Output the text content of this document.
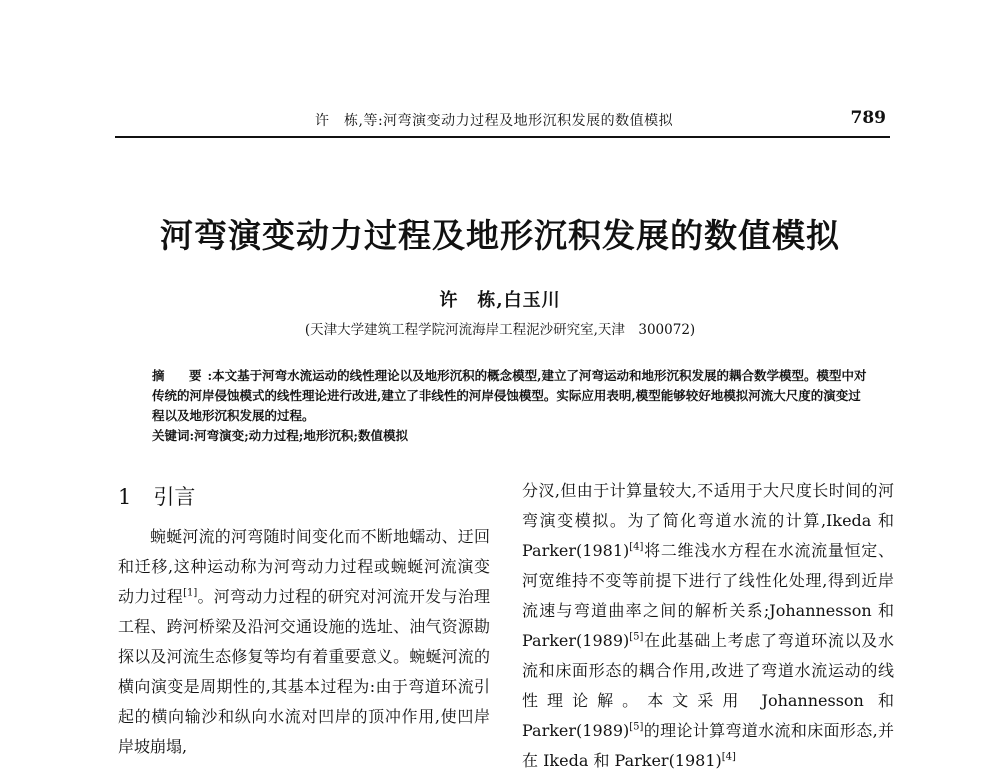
许　栋,等:河弯演变动力过程及地形沉积发展的数值模拟	789
河弯演变动力过程及地形沉积发展的数值模拟
许　栋,白玉川
(天津大学建筑工程学院河流海岸工程泥沙研究室,天津　300072)

摘　要:本文基于河弯水流运动的线性理论以及地形沉积的概念模型,建立了河弯运动和地形沉积发展的耦合数学模型。模型中对传统的河岸侵蚀模式的线性理论进行改进,建立了非线性的河岸侵蚀模型。实际应用表明,模型能够较好地模拟河流大尺度的演变过程以及地形沉积发展的过程。

关键词:河弯演变;动力过程;地形沉积;数值模拟

1 引言

蜿蜒河流的河弯随时间变化而不断地蠕动、迂回和迁移,这种运动称为河弯动力过程或蜿蜒河流演变动力过程[1]。河弯动力过程的研究对河流开发与治理工程、跨河桥梁及沿河交通设施的选址、油气资源勘探以及河流生态修复等均有着重要意义。蜿蜒河流的横向演变是周期性的,其基本过程为:由于弯道环流引起的横向输沙和纵向水流对凹岸的顶冲作用,使凹岸岸坡崩塌,

分汊,但由于计算量较大,不适用于大尺度长时间的河弯演变模拟。为了简化弯道水流的计算,Ikeda 和 Parker(1981)[4]将二维浅水方程在水流流量恒定、河宽维持不变等前提下进行了线性化处理,得到近岸流速与弯道曲率之间的解析关系;Johannesson 和 Parker(1989)[5]在此基础上考虑了弯道环流以及水流和床面形态的耦合作用,改进了弯道水流运动的线性理论解。本文采用 Johannesson 和 Parker(1989)[5]的理论计算弯道水流和床面形态,并在 Ikeda 和 Parker(1981)[4]
